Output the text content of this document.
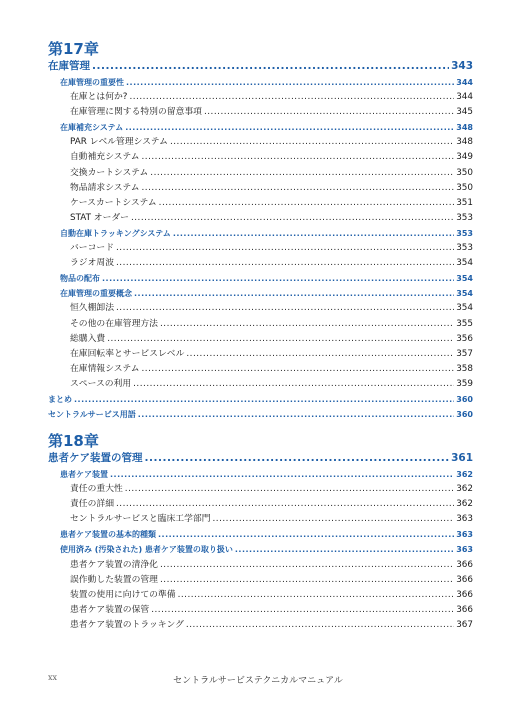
第17章
在庫管理 .....	343
在庫管理の重要性 .....	344
在庫とは何か? .....	344
在庫管理に関する特別の留意事項 .....	345
在庫補充システム .....	348
PAR レベル管理システム .....	348
自動補充システム .....	349
交換カートシステム .....	350
物品請求システム .....	350
ケースカートシステム .....	351
STAT オーダー .....	353
自動在庫トラッキングシステム .....	353
バーコード .....	353
ラジオ周波 .....	354
物品の配布 .....	354
在庫管理の重要概念 .....	354
恒久棚卸法 .....	354
その他の在庫管理方法 .....	355
総購入費 .....	356
在庫回転率とサービスレベル .....	357
在庫情報システム .....	358
スペースの利用 .....	359
まとめ .....	360
セントラルサービス用語 .....	360
第18章
患者ケア装置の管理 .....	361
患者ケア装置 .....	362
責任の重大性 .....	362
責任の詳細 .....	362
セントラルサービスと臨床工学部門 .....	363
患者ケア装置の基本的種類 .....	363
使用済み (汚染された) 患者ケア装置の取り扱い .....	363
患者ケア装置の清浄化 .....	366
誤作動した装置の管理 .....	366
装置の使用に向けての準備 .....	366
患者ケア装置の保管 .....	366
患者ケア装置のトラッキング .....	367
xx	セントラルサービステクニカルマニュアル
